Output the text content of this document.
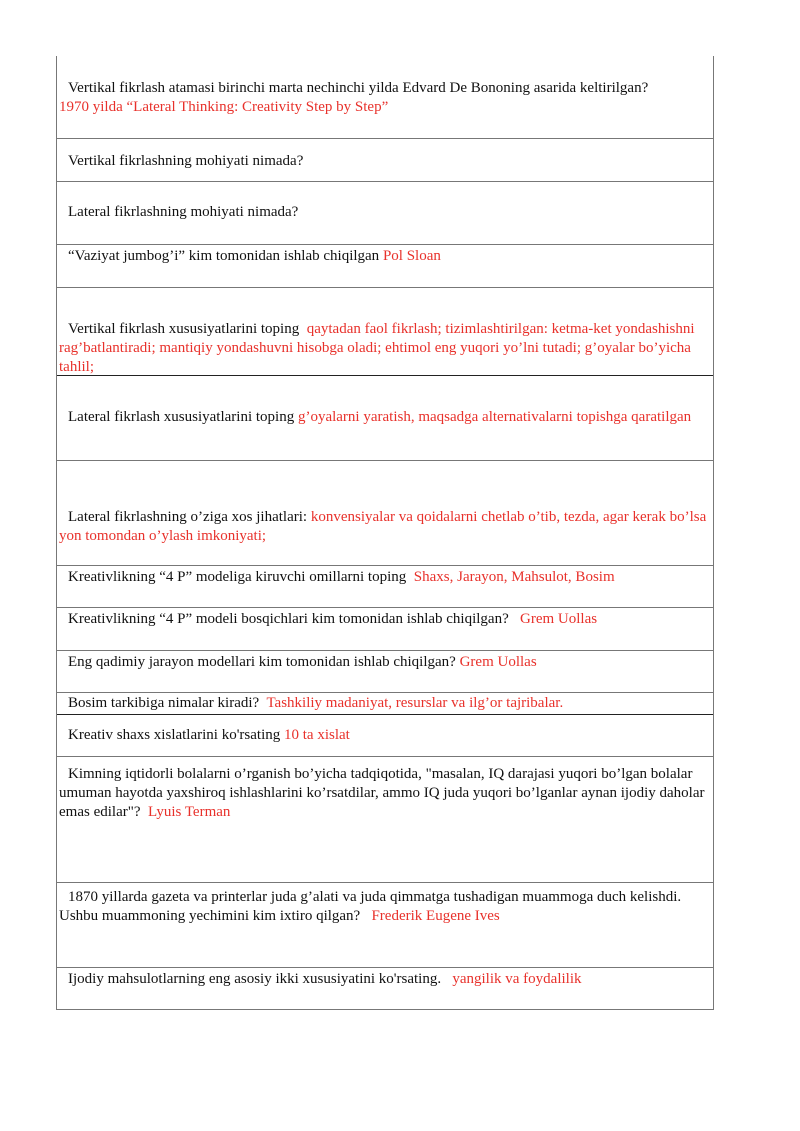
Vertikal fikrlash atamasi birinchi marta nechinchi yilda Edvard De Bononing asarida keltirilgan?
1970 yilda “Lateral Thinking: Creativity Step by Step”
Vertikal fikrlashning mohiyati nimada?
Lateral fikrlashning mohiyati nimada?
“Vaziyat jumbog’i” kim tomonidan ishlab chiqilgan Pol Sloan
Vertikal fikrlash xususiyatlarini toping qaytadan faol fikrlash; tizimlashtirilgan: ketma-ket yondashishni rag’batlantiradi; mantiqiy yondashuvni hisobga oladi; ehtimol eng yuqori yo’lni tutadi; g’oyalar bo’yicha tahlil;
Lateral fikrlash xususiyatlarini toping g’oyalarni yaratish, maqsadga alternativalarni topishga qaratilgan
Lateral fikrlashning o’ziga xos jihatlari: konvensiyalar va qoidalarni chetlab o’tib, tezda, agar kerak bo’lsa yon tomondan o’ylash imkoniyati;
Kreativlikning “4 P” modeliga kiruvchi omillarni toping Shaxs, Jarayon, Mahsulot, Bosim
Kreativlikning “4 P” modeli bosqichlari kim tomonidan ishlab chiqilgan? Grem Uollas
Eng qadimiy jarayon modellari kim tomonidan ishlab chiqilgan? Grem Uollas
Bosim tarkibiga nimalar kiradi? Tashkiliy madaniyat, resurslar va ilg’or tajribalar.
Kreativ shaxs xislatlarini ko'rsating 10 ta xislat
Kimning iqtidorli bolalarni o’rganish bo’yicha tadqiqotida, "masalan, IQ darajasi yuqori bo’lgan bolalar umuman hayotda yaxshiroq ishlashlarini ko’rsatdilar, ammo IQ juda yuqori bo’lganlar aynan ijodiy daholar emas edilar"? Lyuis Terman
1870 yillarda gazeta va printerlar juda g’alati va juda qimmatga tushadigan muammoga duch kelishdi. Ushbu muammoning yechimini kim ixtiro qilgan? Frederik Eugene Ives
Ijodiy mahsulotlarning eng asosiy ikki xususiyatini ko'rsating. yangilik va foydalilik
